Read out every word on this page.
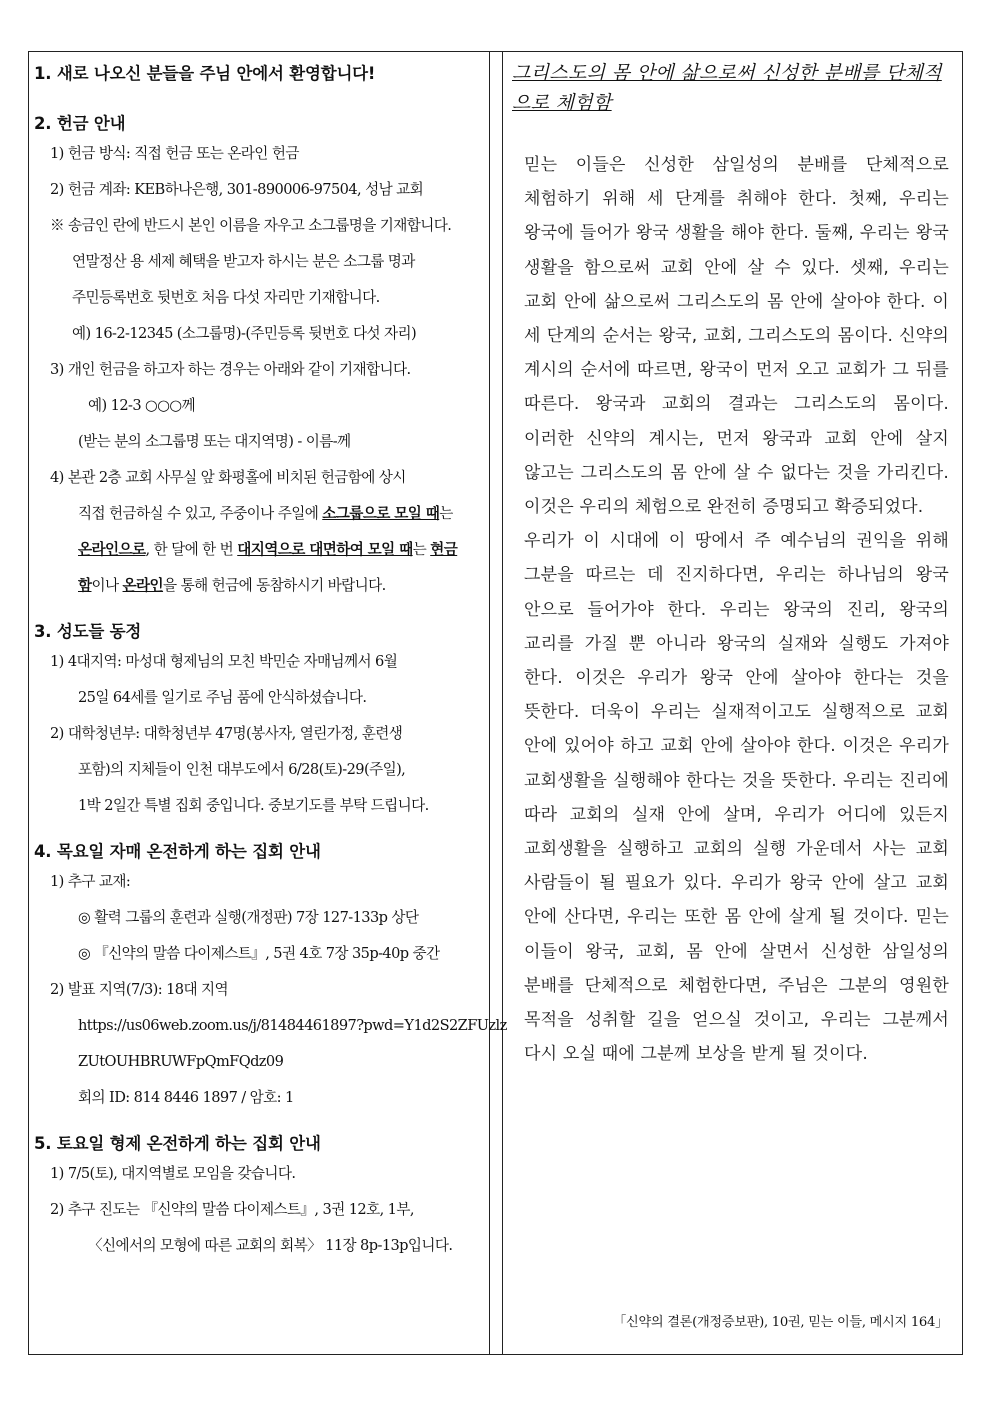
1. 새로 나오신 분들을 주님 안에서 환영합니다!
2. 헌금 안내
1) 헌금 방식: 직접 헌금 또는 온라인 헌금
2) 헌금 계좌: KEB하나은행, 301-890006-97504, 성남 교회
※ 송금인 란에 반드시 본인 이름을 자우고 소그룹명을 기재합니다.
연말정산 용 세제 혜택을 받고자 하시는 분은 소그룹 명과
주민등록번호 뒷번호 처음 다섯 자리만 기재합니다.
예) 16-2-12345 (소그룹명)-(주민등록 뒷번호 다섯 자리)
3) 개인 헌금을 하고자 하는 경우는 아래와 같이 기재합니다.
예) 12-3 ○○○께
(받는 분의 소그룹명 또는 대지역명) - 이름-께
4) 본관 2층 교회 사무실 앞 화평홀에 비치된 헌금함에 상시
직접 헌금하실 수 있고, 주중이나 주일에 소그룹으로 모일 때는
온라인으로, 한 달에 한 번 대지역으로 대면하여 모일 때는 현금
함이나 온라인을 통해 헌금에 동참하시기 바랍니다.
3. 성도들 동정
1) 4대지역: 마성대 형제님의 모친 박민순 자매님께서 6월
25일 64세를 일기로 주님 품에 안식하셨습니다.
2) 대학청년부: 대학청년부 47명(봉사자, 열린가정, 훈련생
포함)의 지체들이 인천 대부도에서 6/28(토)-29(주일),
1박 2일간 특별 집회 중입니다. 중보기도를 부탁 드립니다.
4. 목요일 자매 온전하게 하는 집회 안내
1) 추구 교재:
◎ 활력 그룹의 훈련과 실행(개정판) 7장 127-133p 상단
◎ 『신약의 말씀 다이제스트』, 5권 4호 7장 35p-40p 중간
2) 발표 지역(7/3): 18대 지역
https://us06web.zoom.us/j/81484461897?pwd=Y1d2S2ZFUzlz
ZUtOUHBRUWFpQmFQdz09
회의 ID: 814 8446 1897 / 암호: 1
5. 토요일 형제 온전하게 하는 집회 안내
1) 7/5(토), 대지역별로 모임을 갖습니다.
2) 추구 진도는 『신약의 말씀 다이제스트』, 3권 12호, 1부,
〈신에서의 모형에 따른 교회의 회복〉 11장 8p-13p입니다.
그리스도의 몸 안에 삶으로써 신성한 분배를 단체적으로 체험함

믿는 이들은 신성한 삼일성의 분배를 단체적으로 체험하기 위해 세 단계를 취해야 한다. 첫째, 우리는 왕국에 들어가 왕국 생활을 해야 한다. 둘째, 우리는 왕국 생활을 함으로써 교회 안에 살 수 있다. 셋째, 우리는 교회 안에 삶으로써 그리스도의 몸 안에 살아야 한다. 이 세 단계의 순서는 왕국, 교회, 그리스도의 몸이다. 신약의 계시의 순서에 따르면, 왕국이 먼저 오고 교회가 그 뒤를 따른다. 왕국과 교회의 결과는 그리스도의 몸이다. 이러한 신약의 계시는, 먼저 왕국과 교회 안에 살지 않고는 그리스도의 몸 안에 살 수 없다는 것을 가리킨다. 이것은 우리의 체험으로 완전히 증명되고 확증되었다.

우리가 이 시대에 이 땅에서 주 예수님의 권익을 위해 그분을 따르는 데 진지하다면, 우리는 하나님의 왕국 안으로 들어가야 한다. 우리는 왕국의 진리, 왕국의 교리를 가질 뿐 아니라 왕국의 실재와 실행도 가져야 한다. 이것은 우리가 왕국 안에 살아야 한다는 것을 뜻한다. 더욱이 우리는 실재적이고도 실행적으로 교회 안에 있어야 하고 교회 안에 살아야 한다. 이것은 우리가 교회생활을 실행해야 한다는 것을 뜻한다. 우리는 진리에 따라 교회의 실재 안에 살며, 우리가 어디에 있든지 교회생활을 실행하고 교회의 실행 가운데서 사는 교회 사람들이 될 필요가 있다. 우리가 왕국 안에 살고 교회 안에 산다면, 우리는 또한 몸 안에 살게 될 것이다. 믿는 이들이 왕국, 교회, 몸 안에 살면서 신성한 삼일성의 분배를 단체적으로 체험한다면, 주님은 그분의 영원한 목적을 성취할 길을 얻으실 것이고, 우리는 그분께서 다시 오실 때에 그분께 보상을 받게 될 것이다.

「신약의 결론(개정증보판), 10권, 믿는 이들, 메시지 164」
